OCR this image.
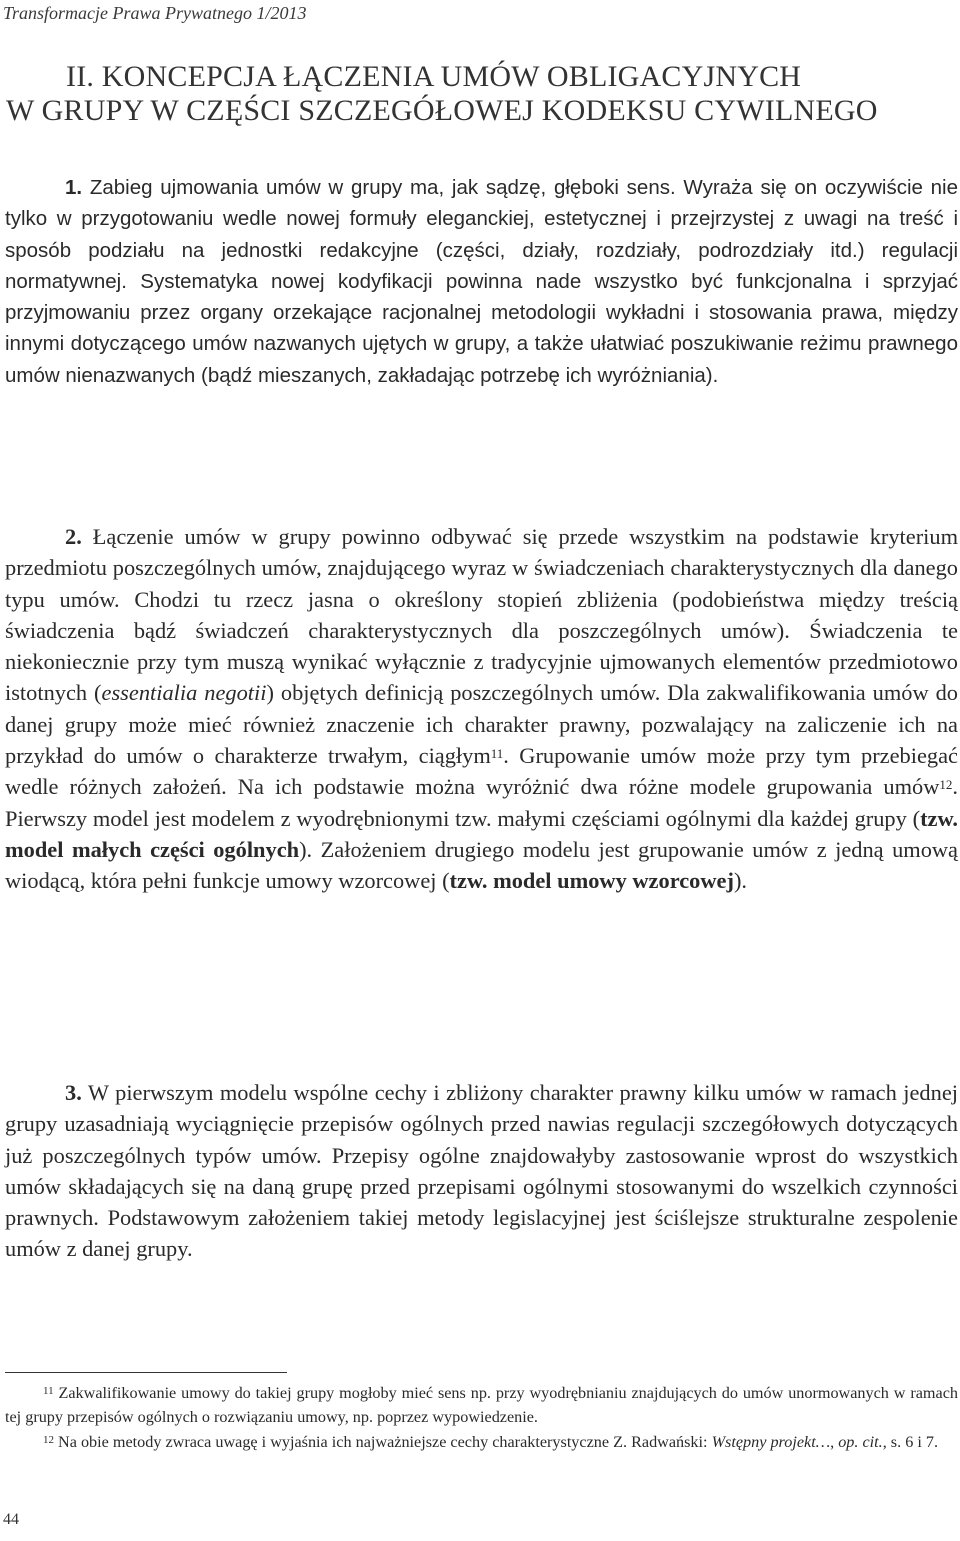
Transformacje Prawa Prywatnego 1/2013
II. KONCEPCJA ŁĄCZENIA UMÓW OBLIGACYJNYCH
W GRUPY W CZĘŚCI SZCZEGÓŁOWEJ KODEKSU CYWILNEGO

1. Zabieg ujmowania umów w grupy ma, jak sądzę, głęboki sens. Wyraża się on oczywiście nie tylko w przygotowaniu wedle nowej formuły eleganckiej, estetycznej i przejrzystej z uwagi na treść i sposób podziału na jednostki redakcyjne (części, działy, rozdziały, podrozdziały itd.) regulacji normatywnej. Systematyka nowej kodyfikacji powinna nade wszystko być funkcjonalna i sprzyjać przyjmowaniu przez organy orzekające racjonalnej metodologii wykładni i stosowania prawa, między innymi dotyczącego umów nazwanych ujętych w grupy, a także ułatwiać poszukiwanie reżimu prawnego umów nienazwanych (bądź mieszanych, zakładając potrzebę ich wyróżniania).

2. Łączenie umów w grupy powinno odbywać się przede wszystkim na podstawie kryterium przedmiotu poszczególnych umów, znajdującego wyraz w świadczeniach charakterystycznych dla danego typu umów. Chodzi tu rzecz jasna o określony stopień zbliżenia (podobieństwa między treścią świadczenia bądź świadczeń charakterystycznych dla poszczególnych umów). Świadczenia te niekoniecznie przy tym muszą wynikać wyłącznie z tradycyjnie ujmowanych elementów przedmiotowo istotnych (essentialia negotii) objętych definicją poszczególnych umów. Dla zakwalifikowania umów do danej grupy może mieć również znaczenie ich charakter prawny, pozwalający na zaliczenie ich na przykład do umów o charakterze trwałym, ciągłym$^{11}$. Grupowanie umów może przy tym przebiegać wedle różnych założeń. Na ich podstawie można wyróżnić dwa różne modele grupowania umów$^{12}$. Pierwszy model jest modelem z wyodrębnionymi tzw. małymi częściami ogólnymi dla każdej grupy (tzw. model małych części ogólnych). Założeniem drugiego modelu jest grupowanie umów z jedną umową wiodącą, która pełni funkcje umowy wzorcowej (tzw. model umowy wzorcowej).

3. W pierwszym modelu wspólne cechy i zbliżony charakter prawny kilku umów w ramach jednej grupy uzasadniają wyciągnięcie przepisów ogólnych przed nawias regulacji szczegółowych dotyczących już poszczególnych typów umów. Przepisy ogólne znajdowałyby zastosowanie wprost do wszystkich umów składających się na daną grupę przed przepisami ogólnymi stosowanymi do wszelkich czynności prawnych. Podstawowym założeniem takiej metody legislacyjnej jest ściślejsze strukturalne zespolenie umów z danej grupy.

$^{11}$ Zakwalifikowanie umowy do takiej grupy mogłoby mieć sens np. przy wyodrębnianiu znajdujących do umów unormowanych w ramach tej grupy przepisów ogólnych o rozwiązaniu umowy, np. poprzez wypowiedzenie.

$^{12}$ Na obie metody zwraca uwagę i wyjaśnia ich najważniejsze cechy charakterystyczne Z. Radwański: Wstępny projekt…, op. cit., s. 6 i 7.

44
